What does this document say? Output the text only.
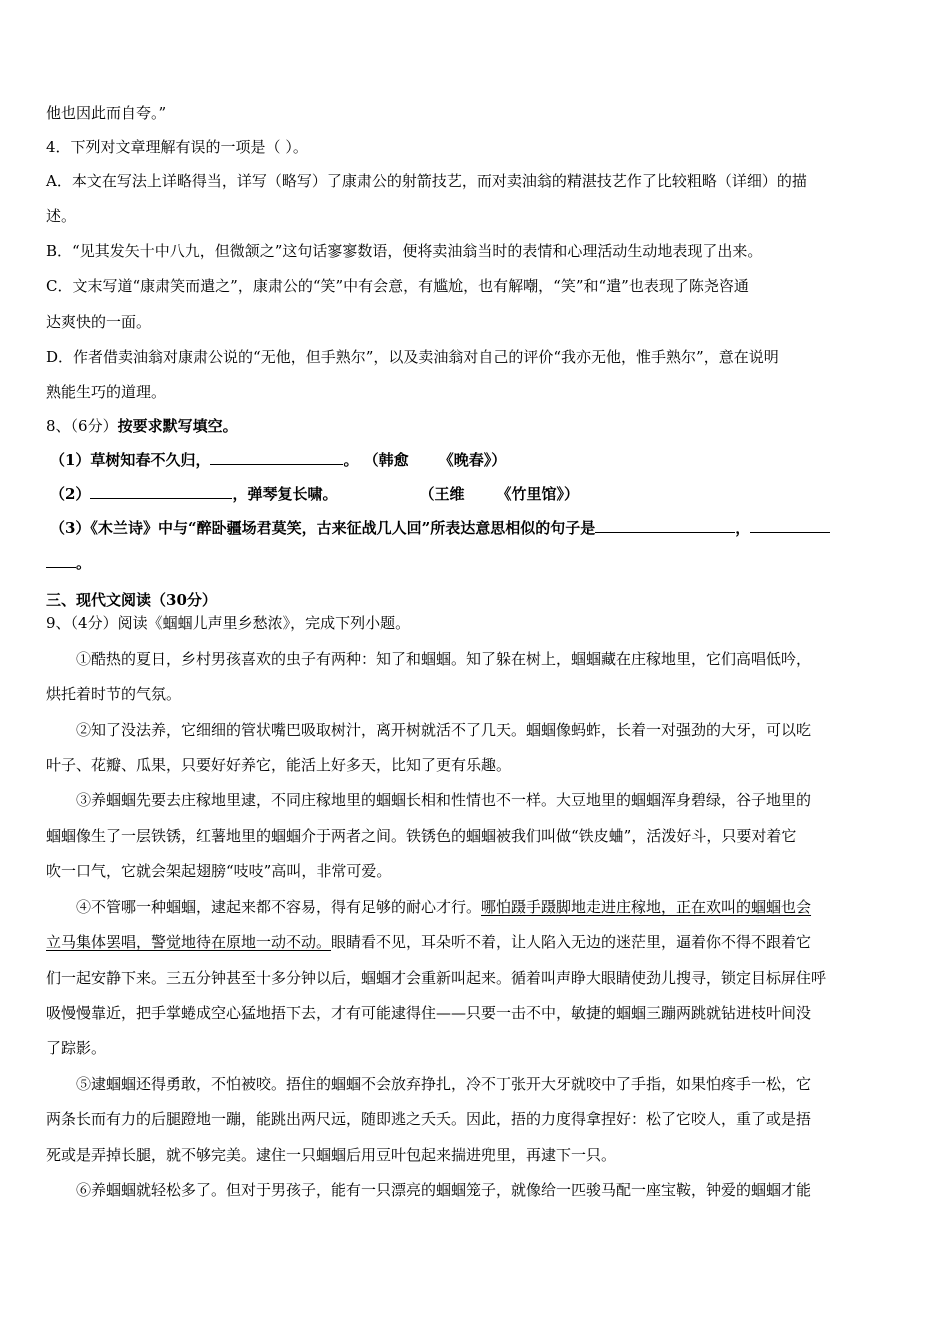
他也因此而自夸。”
4．下列对文章理解有误的一项是（ ）。
A．本文在写法上详略得当，详写（略写）了康肃公的射箭技艺，而对卖油翁的精湛技艺作了比较粗略（详细）的描
述。
B．“见其发矢十中八九，但微颔之”这句话寥寥数语，便将卖油翁当时的表情和心理活动生动地表现了出来。
C．文末写道“康肃笑而遣之”，康肃公的“笑”中有会意，有尴尬，也有解嘲，“笑”和“遣”也表现了陈尧咨通
达爽快的一面。
D．作者借卖油翁对康肃公说的“无他，但手熟尔”，以及卖油翁对自己的评价“我亦无他，惟手熟尔”，意在说明
熟能生巧的道理。
8、（6分）按要求默写填空。
（1）草树知春不久归，	。 （韩愈 《晚春》）
（2）	，弹琴复长啸。	（王维 《竹里馆》）
（3）《木兰诗》中与“醉卧疆场君莫笑，古来征战几人回”所表达意思相似的句子是	，
。
三、现代文阅读（30分）
9、（4分）阅读《蝈蝈儿声里乡愁浓》，完成下列小题。
①酷热的夏日，乡村男孩喜欢的虫子有两种：知了和蝈蝈。知了躲在树上，蝈蝈藏在庄稼地里，它们高唱低吟，
烘托着时节的气氛。
②知了没法养，它细细的管状嘴巴吸取树汁，离开树就活不了几天。蝈蝈像蚂蚱，长着一对强劲的大牙，可以吃
叶子、花瓣、瓜果，只要好好养它，能活上好多天，比知了更有乐趣。
③养蝈蝈先要去庄稼地里逮，不同庄稼地里的蝈蝈长相和性情也不一样。大豆地里的蝈蝈浑身碧绿，谷子地里的
蝈蝈像生了一层铁锈，红薯地里的蝈蝈介于两者之间。铁锈色的蝈蝈被我们叫做“铁皮蛐”，活泼好斗，只要对着它
吹一口气，它就会架起翅膀“吱吱”高叫，非常可爱。
④不管哪一种蝈蝈，逮起来都不容易，得有足够的耐心才行。哪怕蹑手蹑脚地走进庄稼地，正在欢叫的蝈蝈也会
立马集体罢唱，警觉地待在原地一动不动。眼睛看不见，耳朵听不着，让人陷入无边的迷茫里，逼着你不得不跟着它
们一起安静下来。三五分钟甚至十多分钟以后，蝈蝈才会重新叫起来。循着叫声睁大眼睛使劲儿搜寻，锁定目标屏住呼
吸慢慢靠近，把手掌蜷成空心猛地捂下去，才有可能逮得住——只要一击不中，敏捷的蝈蝈三蹦两跳就钻进枝叶间没
了踪影。
⑤逮蝈蝈还得勇敢，不怕被咬。捂住的蝈蝈不会放弃挣扎，冷不丁张开大牙就咬中了手指，如果怕疼手一松，它
两条长而有力的后腿蹬地一蹦，能跳出两尺远，随即逃之夭夭。因此，捂的力度得拿捏好：松了它咬人，重了或是捂
死或是弄掉长腿，就不够完美。逮住一只蝈蝈后用豆叶包起来揣进兜里，再逮下一只。
⑥养蝈蝈就轻松多了。但对于男孩子，能有一只漂亮的蝈蝈笼子，就像给一匹骏马配一座宝鞍，钟爱的蝈蝈才能
